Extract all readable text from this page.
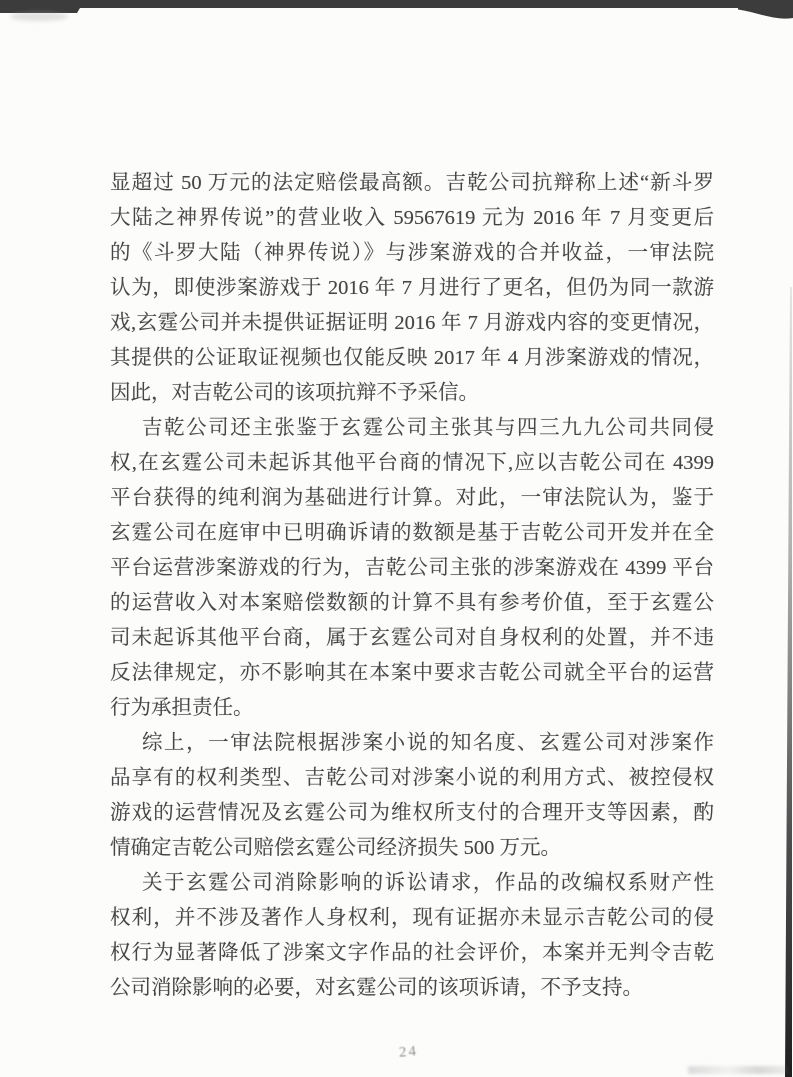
显超过 50 万元的法定赔偿最高额。吉乾公司抗辩称上述“新斗罗
大陆之神界传说”的营业收入 59567619 元为 2016 年 7 月变更后
的《斗罗大陆（神界传说）》与涉案游戏的合并收益，一审法院
认为，即使涉案游戏于 2016 年 7 月进行了更名，但仍为同一款游
戏,玄霆公司并未提供证据证明 2016 年 7 月游戏内容的变更情况，
其提供的公证取证视频也仅能反映 2017 年 4 月涉案游戏的情况，
因此，对吉乾公司的该项抗辩不予采信。
吉乾公司还主张鉴于玄霆公司主张其与四三九九公司共同侵
权,在玄霆公司未起诉其他平台商的情况下,应以吉乾公司在 4399
平台获得的纯利润为基础进行计算。对此，一审法院认为，鉴于
玄霆公司在庭审中已明确诉请的数额是基于吉乾公司开发并在全
平台运营涉案游戏的行为，吉乾公司主张的涉案游戏在 4399 平台
的运营收入对本案赔偿数额的计算不具有参考价值，至于玄霆公
司未起诉其他平台商，属于玄霆公司对自身权利的处置，并不违
反法律规定，亦不影响其在本案中要求吉乾公司就全平台的运营
行为承担责任。
综上，一审法院根据涉案小说的知名度、玄霆公司对涉案作
品享有的权利类型、吉乾公司对涉案小说的利用方式、被控侵权
游戏的运营情况及玄霆公司为维权所支付的合理开支等因素，酌
情确定吉乾公司赔偿玄霆公司经济损失 500 万元。
关于玄霆公司消除影响的诉讼请求，作品的改编权系财产性
权利，并不涉及著作人身权利，现有证据亦未显示吉乾公司的侵
权行为显著降低了涉案文字作品的社会评价，本案并无判令吉乾
公司消除影响的必要，对玄霆公司的该项诉请，不予支持。
24
